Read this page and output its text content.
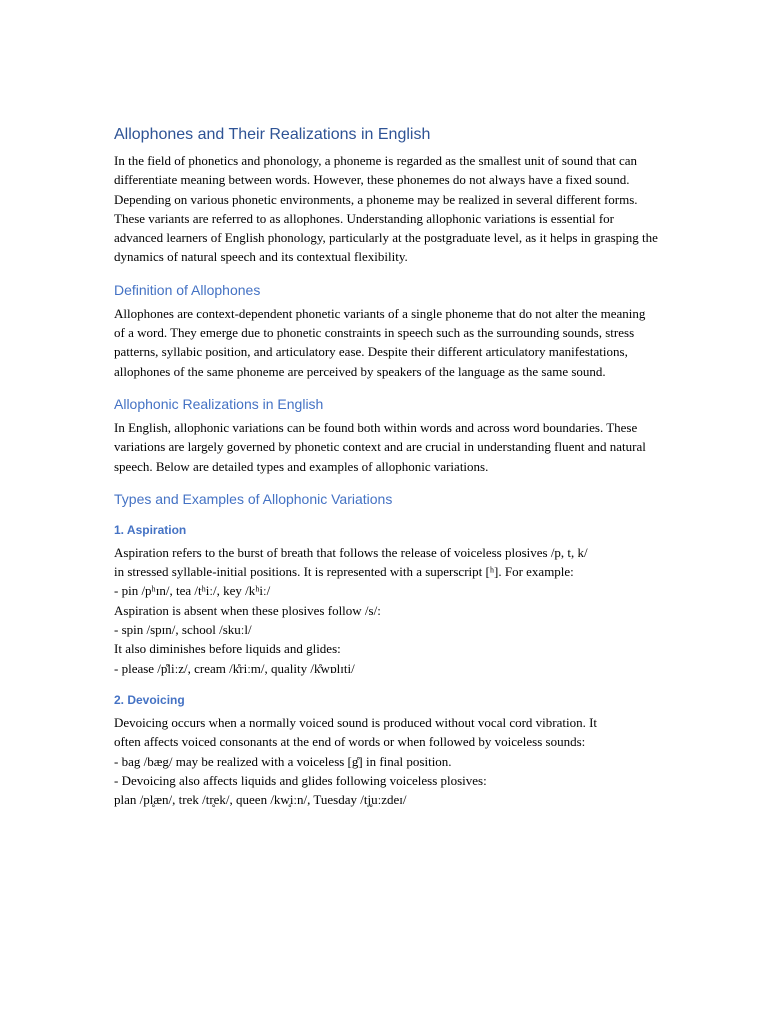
Allophones and Their Realizations in English

In the field of phonetics and phonology, a phoneme is regarded as the smallest unit of sound that can differentiate meaning between words. However, these phonemes do not always have a fixed sound. Depending on various phonetic environments, a phoneme may be realized in several different forms. These variants are referred to as allophones. Understanding allophonic variations is essential for advanced learners of English phonology, particularly at the postgraduate level, as it helps in grasping the dynamics of natural speech and its contextual flexibility.

Definition of Allophones

Allophones are context-dependent phonetic variants of a single phoneme that do not alter the meaning of a word. They emerge due to phonetic constraints in speech such as the surrounding sounds, stress patterns, syllabic position, and articulatory ease. Despite their different articulatory manifestations, allophones of the same phoneme are perceived by speakers of the language as the same sound.

Allophonic Realizations in English

In English, allophonic variations can be found both within words and across word boundaries. These variations are largely governed by phonetic context and are crucial in understanding fluent and natural speech. Below are detailed types and examples of allophonic variations.

Types and Examples of Allophonic Variations
1. Aspiration
Aspiration refers to the burst of breath that follows the release of voiceless plosives /p, t, k/
in stressed syllable-initial positions. It is represented with a superscript [ʰ]. For example:
- pin /pʰɪn/, tea /tʰiː/, key /kʰiː/
Aspiration is absent when these plosives follow /s/:
- spin /spɪn/, school /skuːl/
It also diminishes before liquids and glides:
- please /p̊liːz/, cream /k̊riːm/, quality /k̊wɒlɪti/
2. Devoicing
Devoicing occurs when a normally voiced sound is produced without vocal cord vibration. It
often affects voiced consonants at the end of words or when followed by voiceless sounds:
- bag /bæg/ may be realized with a voiceless [g̊] in final position.
- Devoicing also affects liquids and glides following voiceless plosives:
plan /pl̥æn/, trek /tr̥ek/, queen /kw̥iːn/, Tuesday /tj̥uːzdeɪ/
